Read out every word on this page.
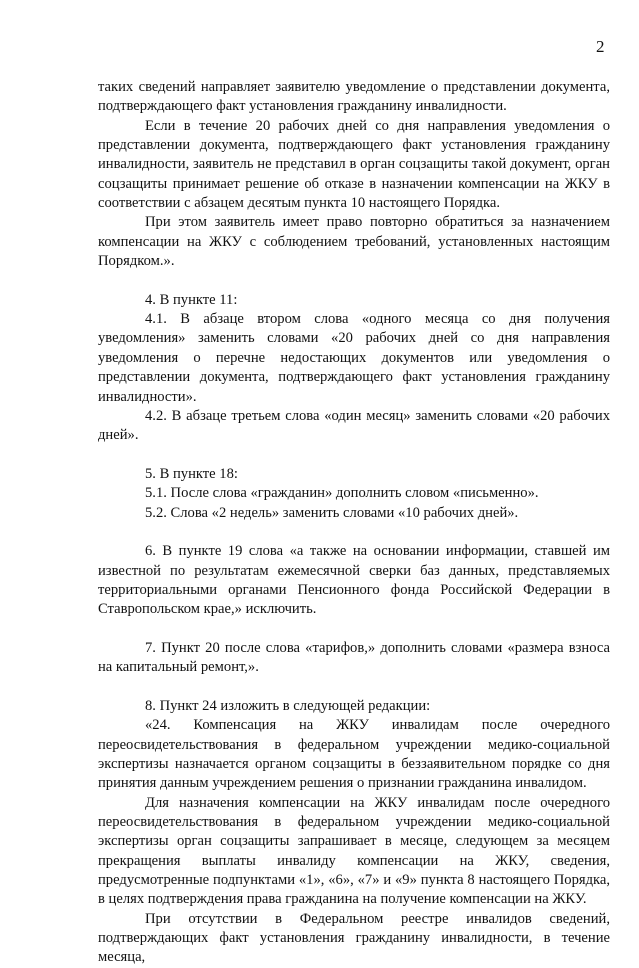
2

таких сведений направляет заявителю уведомление о представлении документа, подтверждающего факт установления гражданину инвалидности.

Если в течение 20 рабочих дней со дня направления уведомления о представлении документа, подтверждающего факт установления гражданину инвалидности, заявитель не представил в орган соцзащиты такой документ, орган соцзащиты принимает решение об отказе в назначении компенсации на ЖКУ в соответствии с абзацем десятым пункта 10 настоящего Порядка.

При этом заявитель имеет право повторно обратиться за назначением компенсации на ЖКУ с соблюдением требований, установленных настоящим Порядком.».

4. В пункте 11:

4.1. В абзаце втором слова «одного месяца со дня получения уведомления» заменить словами «20 рабочих дней со дня направления уведомления о перечне недостающих документов или уведомления о представлении документа, подтверждающего факт установления гражданину инвалидности».

4.2. В абзаце третьем слова «один месяц» заменить словами «20 рабочих дней».

5. В пункте 18:

5.1. После слова «гражданин» дополнить словом «письменно».

5.2. Слова «2 недель» заменить словами «10 рабочих дней».

6. В пункте 19 слова «а также на основании информации, ставшей им известной по результатам ежемесячной сверки баз данных, представляемых территориальными органами Пенсионного фонда Российской Федерации в Ставропольском крае,» исключить.

7. Пункт 20 после слова «тарифов,» дополнить словами «размера взноса на капитальный ремонт,».

8. Пункт 24 изложить в следующей редакции:

«24. Компенсация на ЖКУ инвалидам после очередного переосвидетельствования в федеральном учреждении медико-социальной экспертизы назначается органом соцзащиты в беззаявительном порядке со дня принятия данным учреждением решения о признании гражданина инвалидом.

Для назначения компенсации на ЖКУ инвалидам после очередного переосвидетельствования в федеральном учреждении медико-социальной экспертизы орган соцзащиты запрашивает в месяце, следующем за месяцем прекращения выплаты инвалиду компенсации на ЖКУ, сведения, предусмотренные подпунктами «1», «6», «7» и «9» пункта 8 настоящего Порядка, в целях подтверждения права гражданина на получение компенсации на ЖКУ.

При отсутствии в Федеральном реестре инвалидов сведений, подтверждающих факт установления гражданину инвалидности, в течение месяца,
